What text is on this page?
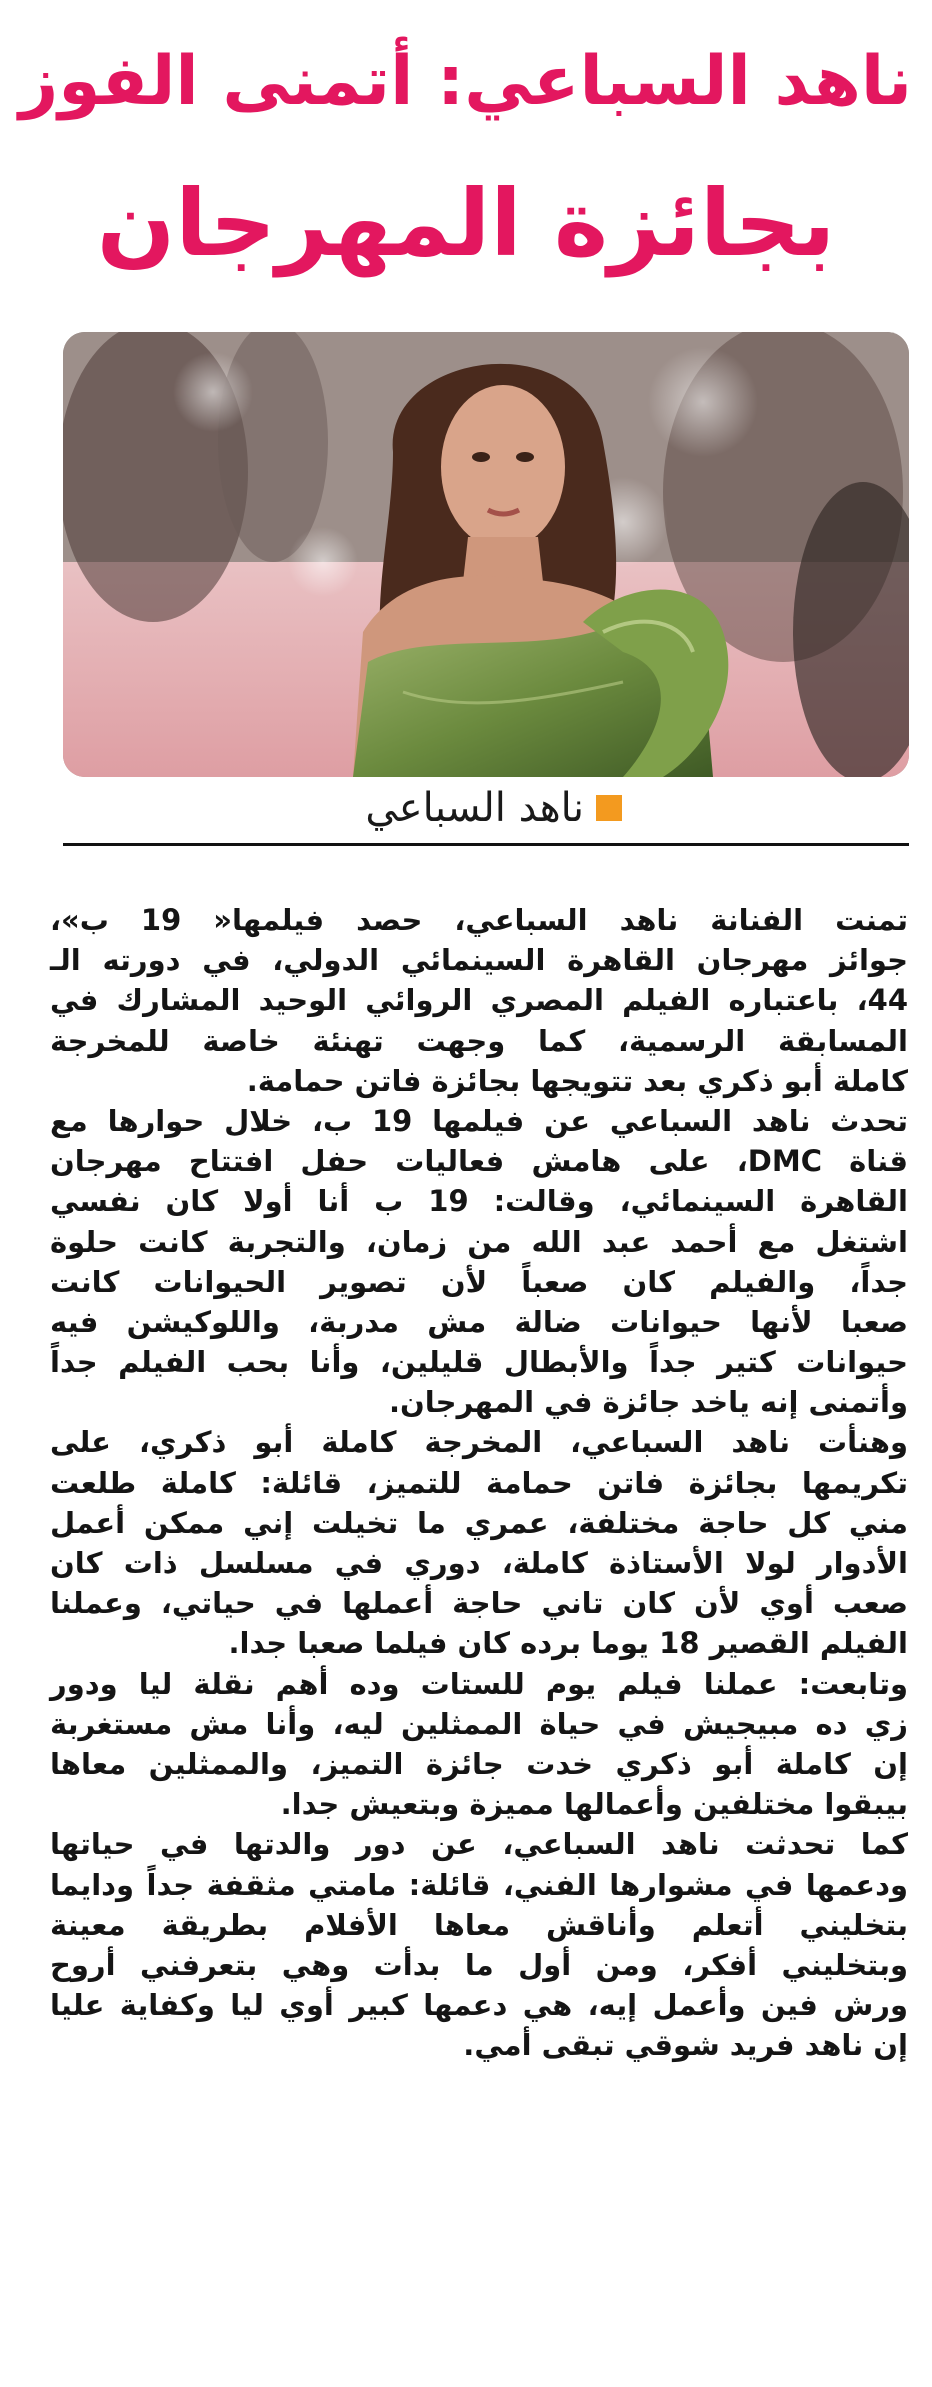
ناهد السباعي: أتمنى الفوز
بجائزة المهرجان
ناهد السباعي
تمنت الفنانة ناهد السباعي، حصد فيلمها« 19 ب»،
جوائز مهرجان القاهرة السينمائي الدولي، في دورته الـ
44، باعتباره الفيلم المصري الروائي الوحيد المشارك في
المسابقة الرسمية، كما وجهت تهنئة خاصة للمخرجة
كاملة أبو ذكري بعد تتويجها بجائزة فاتن حمامة.
تحدث ناهد السباعي عن فيلمها 19 ب، خلال حوارها مع
قناة DMC، على هامش فعاليات حفل افتتاح مهرجان
القاهرة السينمائي، وقالت: 19 ب أنا أولا كان نفسي
اشتغل مع أحمد عبد الله من زمان، والتجربة كانت حلوة
جداً، والفيلم كان صعباً لأن تصوير الحيوانات كانت
صعبا لأنها حيوانات ضالة مش مدربة، واللوكيشن فيه
حيوانات كتير جداً والأبطال قليلين، وأنا بحب الفيلم جداً
وأتمنى إنه ياخد جائزة في المهرجان.
وهنأت ناهد السباعي، المخرجة كاملة أبو ذكري، على
تكريمها بجائزة فاتن حمامة للتميز، قائلة: كاملة طلعت
مني كل حاجة مختلفة، عمري ما تخيلت إني ممكن أعمل
الأدوار لولا الأستاذة كاملة، دوري في مسلسل ذات كان
صعب أوي لأن كان تاني حاجة أعملها في حياتي، وعملنا
الفيلم القصير 18 يوما برده كان فيلما صعبا جدا.
وتابعت: عملنا فيلم يوم للستات وده أهم نقلة ليا ودور
زي ده مبيجيش في حياة الممثلين ليه، وأنا مش مستغربة
إن كاملة أبو ذكري خدت جائزة التميز، والممثلين معاها
بيبقوا مختلفين وأعمالها مميزة وبتعيش جدا.
كما تحدثت ناهد السباعي، عن دور والدتها في حياتها
ودعمها في مشوارها الفني، قائلة: مامتي مثقفة جداً ودايما
بتخليني أتعلم وأناقش معاها الأفلام بطريقة معينة
وبتخليني أفكر، ومن أول ما بدأت وهي بتعرفني أروح
ورش فين وأعمل إيه، هي دعمها كبير أوي ليا وكفاية عليا
إن ناهد فريد شوقي تبقى أمي.
